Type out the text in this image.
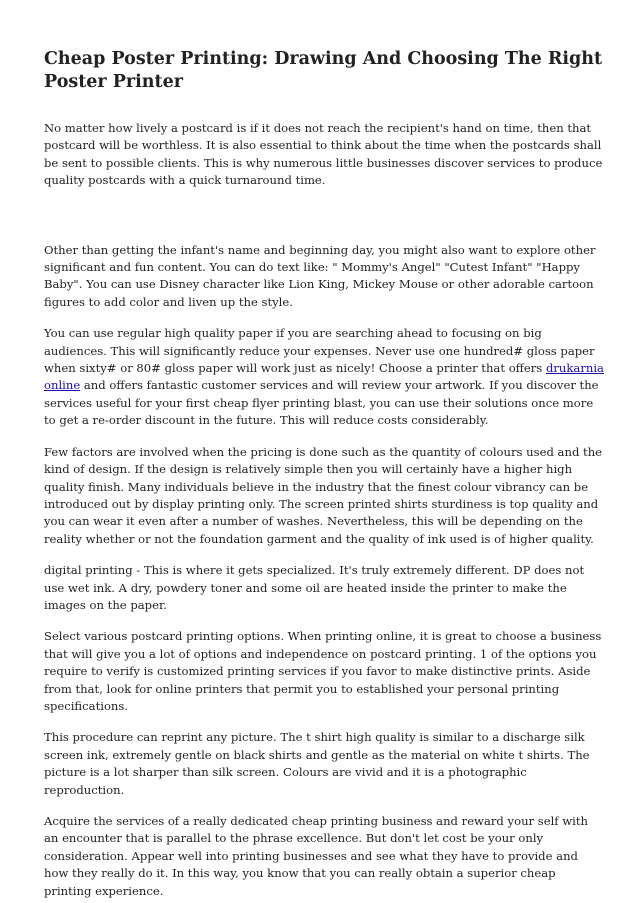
Cheap Poster Printing: Drawing And Choosing The Right Poster Printer

No matter how lively a postcard is if it does not reach the recipient's hand on time, then that postcard will be worthless. It is also essential to think about the time when the postcards shall be sent to possible clients. This is why numerous little businesses discover services to produce quality postcards with a quick turnaround time.

Other than getting the infant's name and beginning day, you might also want to explore other significant and fun content. You can do text like: " Mommy's Angel" "Cutest Infant" "Happy Baby". You can use Disney character like Lion King, Mickey Mouse or other adorable cartoon figures to add color and liven up the style.

You can use regular high quality paper if you are searching ahead to focusing on big audiences. This will significantly reduce your expenses. Never use one hundred# gloss paper when sixty# or 80# gloss paper will work just as nicely! Choose a printer that offers drukarnia online and offers fantastic customer services and will review your artwork. If you discover the services useful for your first cheap flyer printing blast, you can use their solutions once more to get a re-order discount in the future. This will reduce costs considerably.

Few factors are involved when the pricing is done such as the quantity of colours used and the kind of design. If the design is relatively simple then you will certainly have a higher high quality finish. Many individuals believe in the industry that the finest colour vibrancy can be introduced out by display printing only. The screen printed shirts sturdiness is top quality and you can wear it even after a number of washes. Nevertheless, this will be depending on the reality whether or not the foundation garment and the quality of ink used is of higher quality.

digital printing - This is where it gets specialized. It's truly extremely different. DP does not use wet ink. A dry, powdery toner and some oil are heated inside the printer to make the images on the paper.

Select various postcard printing options. When printing online, it is great to choose a business that will give you a lot of options and independence on postcard printing. 1 of the options you require to verify is customized printing services if you favor to make distinctive prints. Aside from that, look for online printers that permit you to established your personal printing specifications.

This procedure can reprint any picture. The t shirt high quality is similar to a discharge silk screen ink, extremely gentle on black shirts and gentle as the material on white t shirts. The picture is a lot sharper than silk screen. Colours are vivid and it is a photographic reproduction.

Acquire the services of a really dedicated cheap printing business and reward your self with an encounter that is parallel to the phrase excellence. But don't let cost be your only consideration. Appear well into printing businesses and see what they have to provide and how they really do it. In this way, you know that you can really obtain a superior cheap printing experience.
